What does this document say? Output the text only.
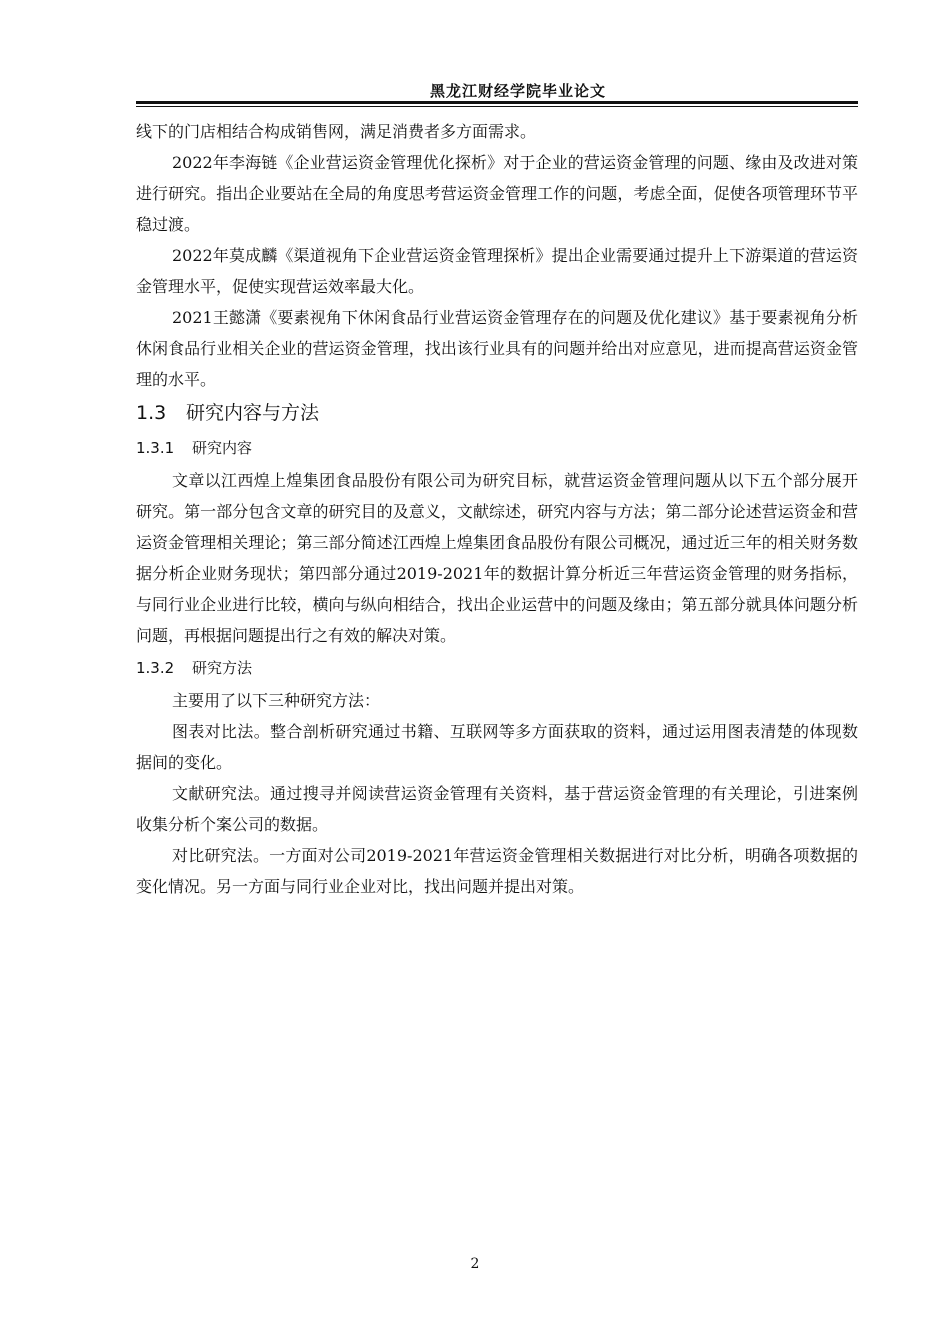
黑龙江财经学院毕业论文

线下的门店相结合构成销售网，满足消费者多方面需求。

2022年李海链《企业营运资金管理优化探析》对于企业的营运资金管理的问题、缘由及改进对策进行研究。指出企业要站在全局的角度思考营运资金管理工作的问题，考虑全面，促使各项管理环节平稳过渡。

2022年莫成麟《渠道视角下企业营运资金管理探析》提出企业需要通过提升上下游渠道的营运资金管理水平，促使实现营运效率最大化。

2021王懿潇《要素视角下休闲食品行业营运资金管理存在的问题及优化建议》基于要素视角分析休闲食品行业相关企业的营运资金管理，找出该行业具有的问题并给出对应意见，进而提高营运资金管理的水平。

1.3 研究内容与方法
1.3.1 研究内容

文章以江西煌上煌集团食品股份有限公司为研究目标，就营运资金管理问题从以下五个部分展开研究。第一部分包含文章的研究目的及意义，文献综述，研究内容与方法；第二部分论述营运资金和营运资金管理相关理论；第三部分简述江西煌上煌集团食品股份有限公司概况，通过近三年的相关财务数据分析企业财务现状；第四部分通过2019-2021年的数据计算分析近三年营运资金管理的财务指标，与同行业企业进行比较，横向与纵向相结合，找出企业运营中的问题及缘由；第五部分就具体问题分析问题，再根据问题提出行之有效的解决对策。

1.3.2 研究方法

主要用了以下三种研究方法：

图表对比法。整合剖析研究通过书籍、互联网等多方面获取的资料，通过运用图表清楚的体现数据间的变化。

文献研究法。通过搜寻并阅读营运资金管理有关资料，基于营运资金管理的有关理论，引进案例收集分析个案公司的数据。

对比研究法。一方面对公司2019-2021年营运资金管理相关数据进行对比分析，明确各项数据的变化情况。另一方面与同行业企业对比，找出问题并提出对策。

2
